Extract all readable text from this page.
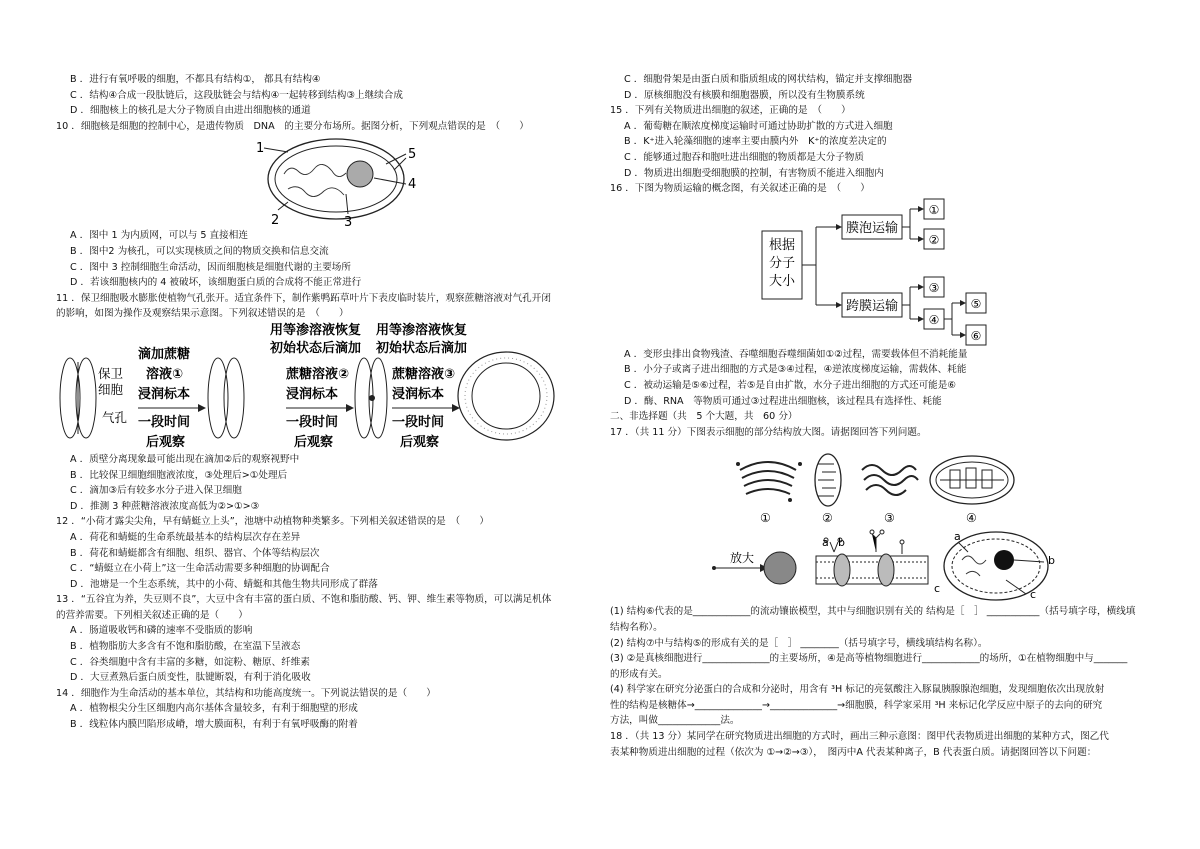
B ．进行有氧呼吸的细胞，不都具有结构①， 都具有结构④
C ．结构④合成一段肽链后，这段肽链会与结构④一起转移到结构③上继续合成
D ．细胞核上的核孔是大分子物质自由进出细胞核的通道
10 ．细胞核是细胞的控制中心，是遗传物质　DNA　的主要分布场所。据图分析，下列观点错误的是　（　　）
1	5
4
2	3
A ．图中 1 为内质网，可以与 5 直接相连
B ．图中2 为核孔，可以实现核质之间的物质交换和信息交流
C ．图中 3 控制细胞生命活动，因而细胞核是细胞代谢的主要场所
D ．若该细胞核内的 4 被破坏，该细胞蛋白质的合成将不能正常进行
11 ．保卫细胞吸水膨胀使植物气孔张开。适宜条件下，制作紫鸭跖草叶片下表皮临时装片，观察蔗糖溶液对气孔开闭
的影响，如图为操作及观察结果示意图。下列叙述错误的是　（　　）
保卫
细胞
气孔
滴加蔗糖
溶液①
浸润标本
一段时间
后观察
用等渗溶液恢复
初始状态后滴加
蔗糖溶液②
浸润标本
一段时间
后观察
用等渗溶液恢复
初始状态后滴加
蔗糖溶液③
浸润标本
一段时间
后观察
A ．质壁分离现象最可能出现在滴加②后的观察视野中
B ．比较保卫细胞细胞液浓度，③处理后>①处理后
C ．滴加③后有较多水分子进入保卫细胞
D ．推测 3 种蔗糖溶液浓度高低为②>①>③
12 ．“小荷才露尖尖角，早有蜻蜓立上头”，池塘中动植物种类繁多。下列相关叙述错误的是　（　　）
A ．荷花和蜻蜓的生命系统最基本的结构层次存在差异
B ．荷花和蜻蜓都含有细胞、组织、器官、个体等结构层次
C ．“蜻蜓立在小荷上”这一生命活动需要多种细胞的协调配合
D ．池塘是一个生态系统，其中的小荷、蜻蜓和其他生物共同形成了群落
13 ．“五谷宜为养，失豆则不良”，大豆中含有丰富的蛋白质、不饱和脂肪酸、钙、钾、维生素等物质，可以满足机体
的营养需要。下列相关叙述正确的是（　　）
A ．肠道吸收钙和磷的速率不受脂质的影响
B ．植物脂肪大多含有不饱和脂肪酸，在室温下呈液态
C ．谷类细胞中含有丰富的多糖，如淀粉、糖原、纤维素
D ．大豆煮熟后蛋白质变性，肽键断裂，有利于消化吸收
14 ．细胞作为生命活动的基本单位，其结构和功能高度统一。下列说法错误的是（　　）
A ．植物根尖分生区细胞内高尔基体含量较多，有利于细胞壁的形成
B ．线粒体内膜凹陷形成嵴，增大膜面积，有利于有氧呼吸酶的附着
C ．细胞骨架是由蛋白质和脂质组成的网状结构，锚定并支撑细胞器
D ．原核细胞没有核膜和细胞器膜，所以没有生物膜系统
15 ．下列有关物质进出细胞的叙述，正确的是　（　　）
A ．葡萄糖在顺浓度梯度运输时可通过协助扩散的方式进入细胞
B ．K⁺进入轮藻细胞的速率主要由膜内外　K⁺的浓度差决定的
C ．能够通过胞吞和胞吐进出细胞的物质都是大分子物质
D ．物质进出细胞受细胞膜的控制，有害物质不能进入细胞内
16 ．下图为物质运输的概念图，有关叙述正确的是　（　　）
根据
分子
大小
膜泡运输
跨膜运输
①
②
③
④
⑤
⑥
A ．变形虫排出食物残渣、吞噬细胞吞噬细菌如①②过程，需要载体但不消耗能量
B ．小分子或离子进出细胞的方式是③④过程，④逆浓度梯度运输，需载体、耗能
C ．被动运输是⑤⑥过程，若⑤是自由扩散，水分子进出细胞的方式还可能是⑥
D ．酶、RNA　等物质可通过③过程进出细胞核，该过程具有选择性、耗能
二、非选择题（共　5 个大题，共　60 分）
17 ．（共 11 分）下图表示细胞的部分结构放大图。请据图回答下列问题。
①	②	③	④
放大
a b
c
a
b
c
(1) 结构⑥代表的是____________的流动镶嵌模型，其中与细胞识别有关的 结构是［　］ ___________（括号填字母，横线填
结构名称）。
(2) 结构⑦中与结构⑤的形成有关的是［　］ ________（括号填字号，横线填结构名称）。
(3) ②是真核细胞进行______________的主要场所，④是高等植物细胞进行____________的场所，①在植物细胞中与_______
的形成有关。
(4) 科学家在研究分泌蛋白的合成和分泌时，用含有 ³H 标记的亮氨酸注入豚鼠胰腺腺泡细胞，发现细胞依次出现放射
性的结构是核糖体→______________→______________→细胞膜，科学家采用 ³H 来标记化学反应中原子的去向的研究
方法，叫做_____________法。
18 ．（共 13 分）某同学在研究物质进出细胞的方式时，画出三种示意图：图甲代表物质进出细胞的某种方式，图乙代
表某种物质进出细胞的过程（依次为 ①→②→③），　图丙中A 代表某种离子，B 代表蛋白质。请据图回答以下问题：
